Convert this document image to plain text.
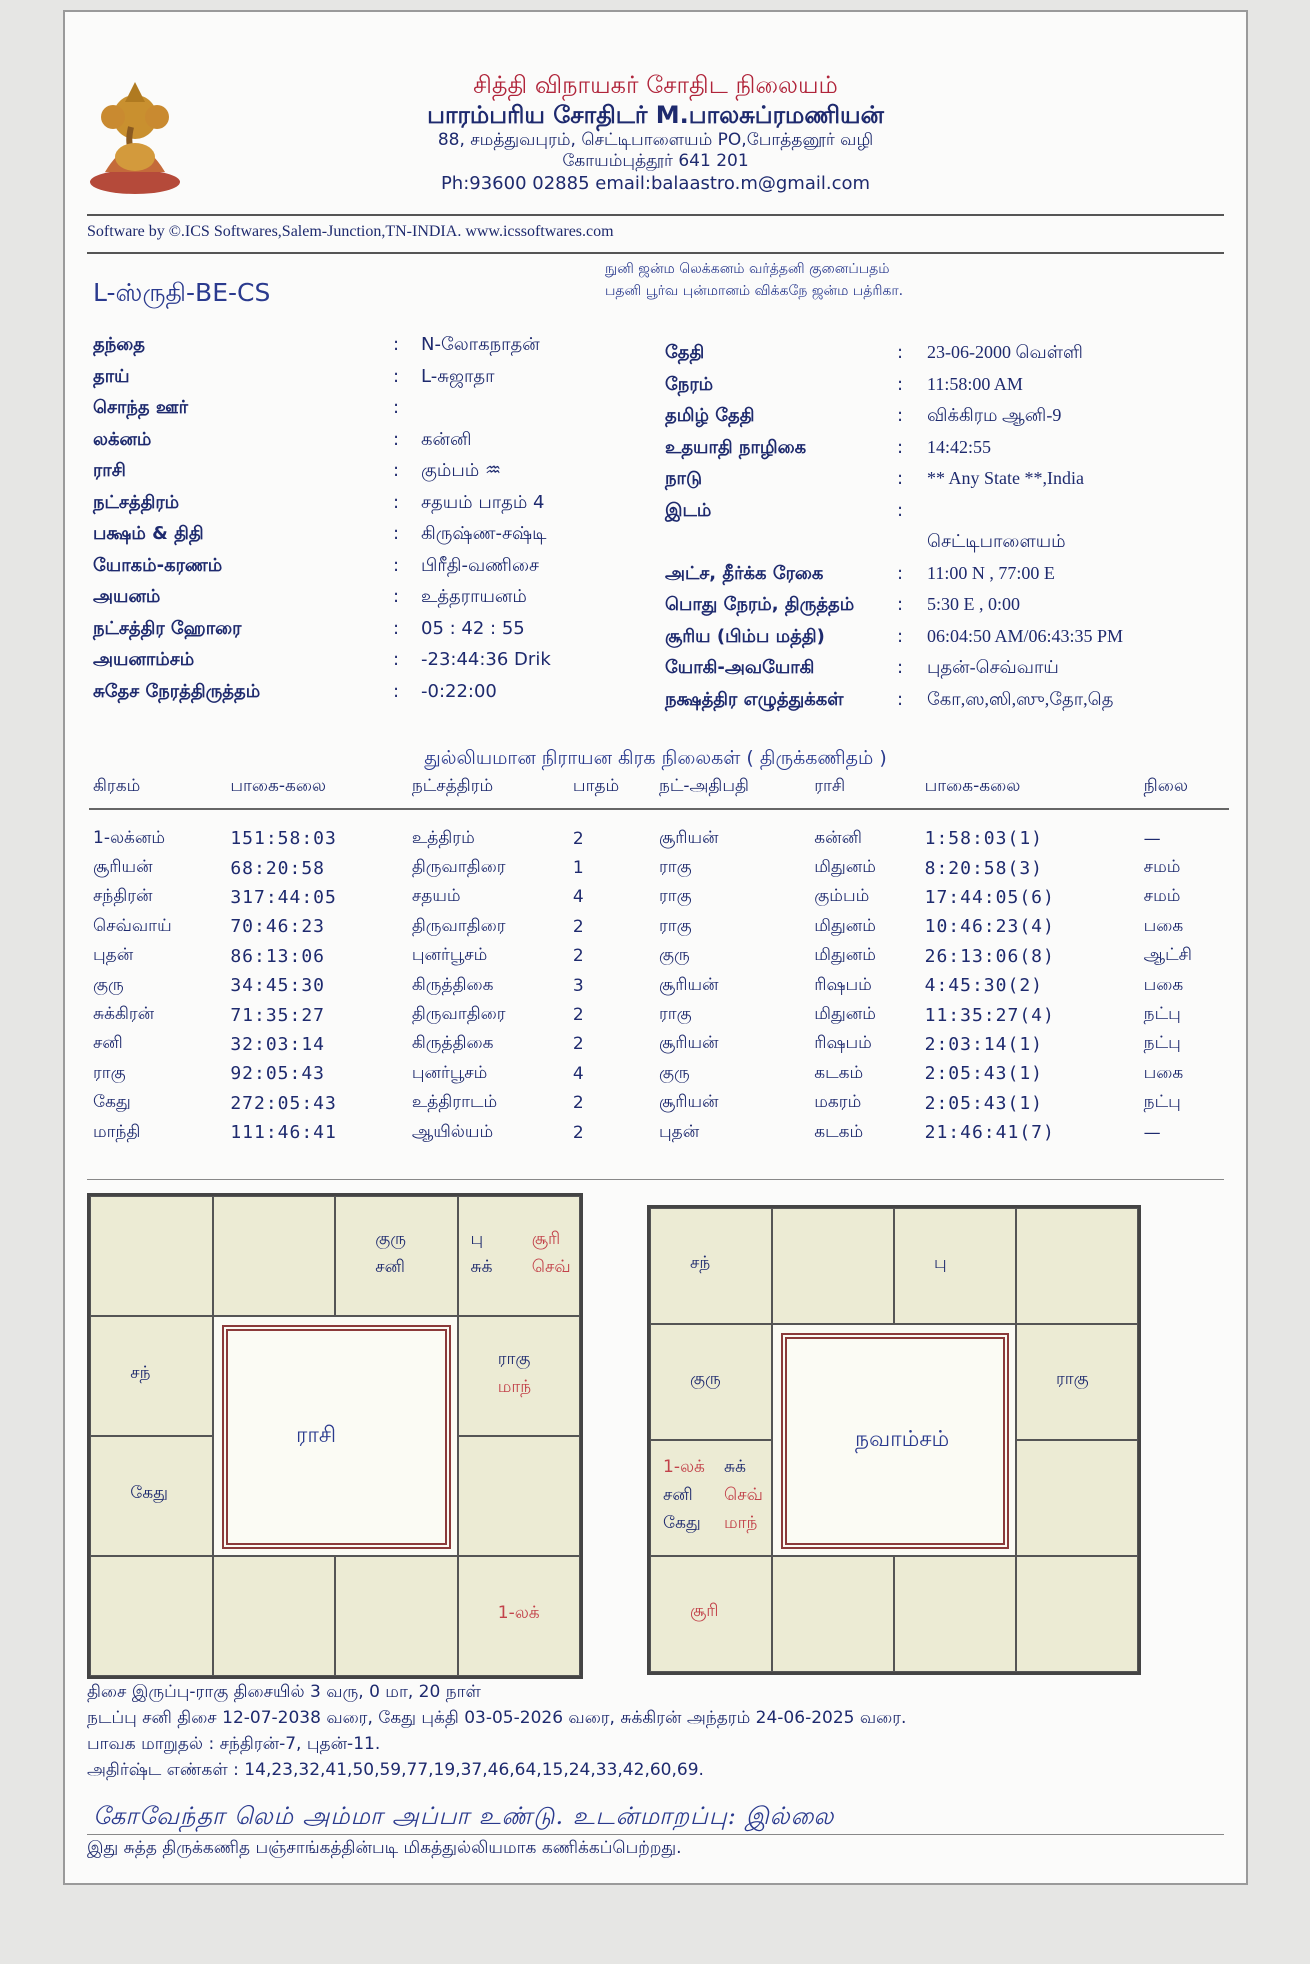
சித்தி விநாயகர் சோதிட நிலையம்
பாரம்பரிய சோதிடர் M.பாலசுப்ரமணியன்
88, சமத்துவபுரம், செட்டிபாளையம் PO,போத்தனூர் வழி
கோயம்புத்தூர் 641 201
Ph:93600 02885 email:balaastro.m@gmail.com
Software by ©.ICS Softwares,Salem-Junction,TN-INDIA. www.icssoftwares.com
L-ஸ்ருதி-BE-CS
நுனி ஜன்ம லெக்கனம் வர்த்தனி குனைப்பதம்
பதனி பூர்வ புன்மானம் விக்கநே ஜன்ம பத்ரிகா.
தந்தை	: N-லோகநாதன்
தாய்	: L-சுஜாதா
சொந்த ஊர்	:
லக்னம்	: கன்னி
ராசி	: கும்பம் ♒
நட்சத்திரம்	: சதயம் பாதம் 4
பக்ஷம் & திதி	: கிருஷ்ண-சஷ்டி
யோகம்-கரணம்	: பிரீதி-வணிசை
அயனம்	: உத்தராயனம்
நட்சத்திர ஹோரை	: 05 : 42 : 55
அயனாம்சம்	: -23:44:36 Drik
சுதேச நேரத்திருத்தம்	: -0:22:00
தேதி	: 23-06-2000 வெள்ளி
நேரம்	: 11:58:00 AM
தமிழ் தேதி	: விக்கிரம ஆனி-9
உதயாதி நாழிகை	: 14:42:55
நாடு	: ** Any State **,India
இடம்	:
செட்டிபாளையம்
அட்ச, தீர்க்க ரேகை	: 11:00 N , 77:00 E
பொது நேரம், திருத்தம் : 5:30 E , 0:00
சூரிய (பிம்ப மத்தி)	: 06:04:50 AM/06:43:35 PM
யோகி-அவயோகி	: புதன்-செவ்வாய்
நக்ஷத்திர எழுத்துக்கள்	: கோ,ஸ,ஸி,ஸு,தோ,தெ
துல்லியமான நிராயன கிரக நிலைகள் ( திருக்கணிதம் )
கிரகம்	பாகை-கலை	நட்சத்திரம்	பாதம்	நட்-அதிபதி	ராசி	பாகை-கலை	நிலை
1-லக்னம்	151:58:03	உத்திரம்	2	சூரியன்	கன்னி	1:58:03(1)	—
சூரியன்	68:20:58	திருவாதிரை	1	ராகு	மிதுனம்	8:20:58(3)	சமம்
சந்திரன்	317:44:05	சதயம்	4	ராகு	கும்பம்	17:44:05(6)	சமம்
செவ்வாய்	70:46:23	திருவாதிரை	2	ராகு	மிதுனம்	10:46:23(4)	பகை
புதன்	86:13:06	புனர்பூசம்	2	குரு	மிதுனம்	26:13:06(8)	ஆட்சி
குரு	34:45:30	கிருத்திகை	3	சூரியன்	ரிஷபம்	4:45:30(2)	பகை
சுக்கிரன்	71:35:27	திருவாதிரை	2	ராகு	மிதுனம்	11:35:27(4)	நட்பு
சனி	32:03:14	கிருத்திகை	2	சூரியன்	ரிஷபம்	2:03:14(1)	நட்பு
ராகு	92:05:43	புனர்பூசம்	4	குரு	கடகம்	2:05:43(1)	பகை
கேது	272:05:43	உத்திராடம்	2	சூரியன்	மகரம்	2:05:43(1)	நட்பு
மாந்தி	111:46:41	ஆயில்யம்	2	புதன்	கடகம்	21:46:41(7)	—
குரு
சனி
பு	சூரி
சுக் செவ்
சந்
ராகு
மாந்
கேது
1-லக்
ராசி
சந்	பு
குரு	ராகு
1-லக் சுக்
சனி செவ்
கேது மாந்
சூரி
நவாம்சம்
திசை இருப்பு-ராகு திசையில் 3 வரு, 0 மா, 20 நாள்
நடப்பு சனி திசை 12-07-2038 வரை, கேது புக்தி 03-05-2026 வரை, சுக்கிரன் அந்தரம் 24-06-2025 வரை.
பாவக மாறுதல் : சந்திரன்-7, புதன்-11.
அதிர்ஷ்ட எண்கள் : 14,23,32,41,50,59,77,19,37,46,64,15,24,33,42,60,69.
கோவேந்தா லெம் அம்மா அப்பா உண்டு. உடன்மாறப்பு: இல்லை
இது சுத்த திருக்கணித பஞ்சாங்கத்தின்படி மிகத்துல்லியமாக கணிக்கப்பெற்றது.
